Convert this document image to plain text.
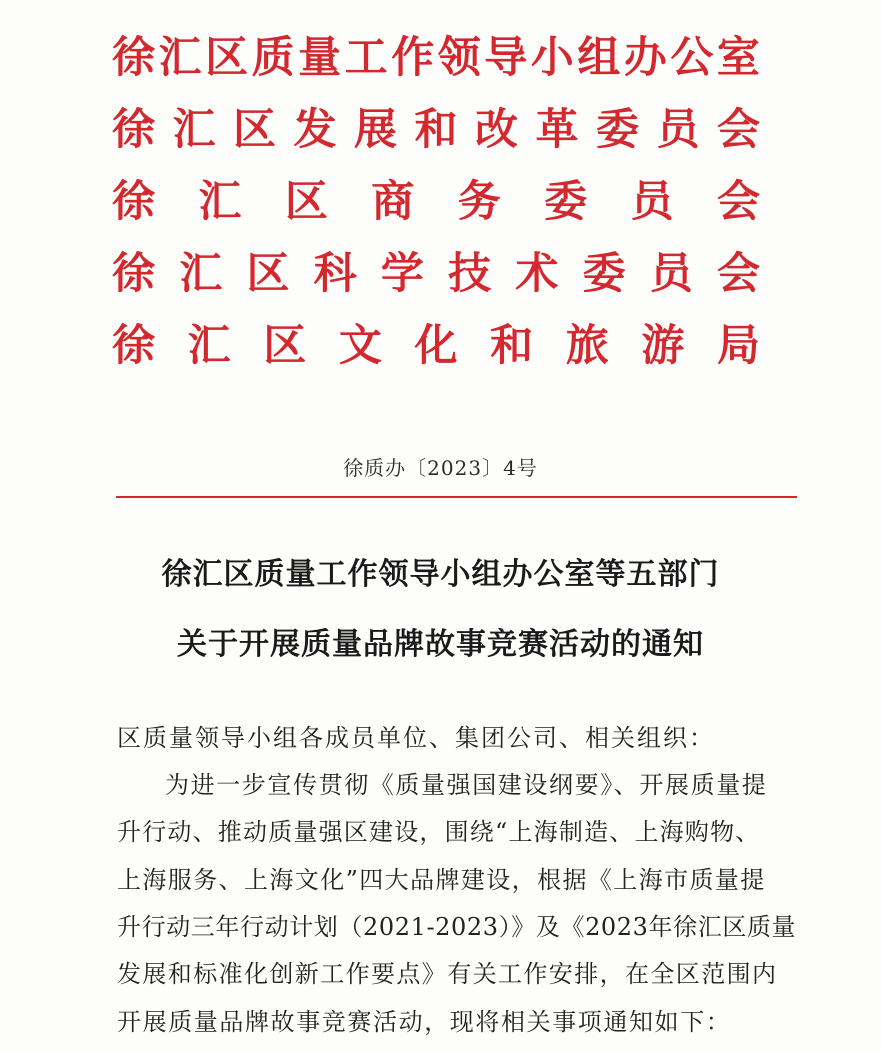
徐 汇 区 质 量 工 作 领 导 小 组 办 公 室
徐 汇 区 发 展 和 改 革 委 员 会
徐 汇 区 商 务 委 员 会
徐 汇 区 科 学 技 术 委 员 会
徐 汇 区 文 化 和 旅 游 局
徐质办〔2023〕4号
徐汇区质量工作领导小组办公室等五部门
关于开展质量品牌故事竞赛活动的通知
区质量领导小组各成员单位、集团公司、相关组织：
为进一步宣传贯彻《质量强国建设纲要》、开展质量提
升行动、推动质量强区建设，围绕“上海制造、上海购物、
上海服务、上海文化”四大品牌建设，根据《上海市质量提
升行动三年行动计划（2021-2023）》及《2023年徐汇区质量
发展和标准化创新工作要点》有关工作安排，在全区范围内
开展质量品牌故事竞赛活动，现将相关事项通知如下：
